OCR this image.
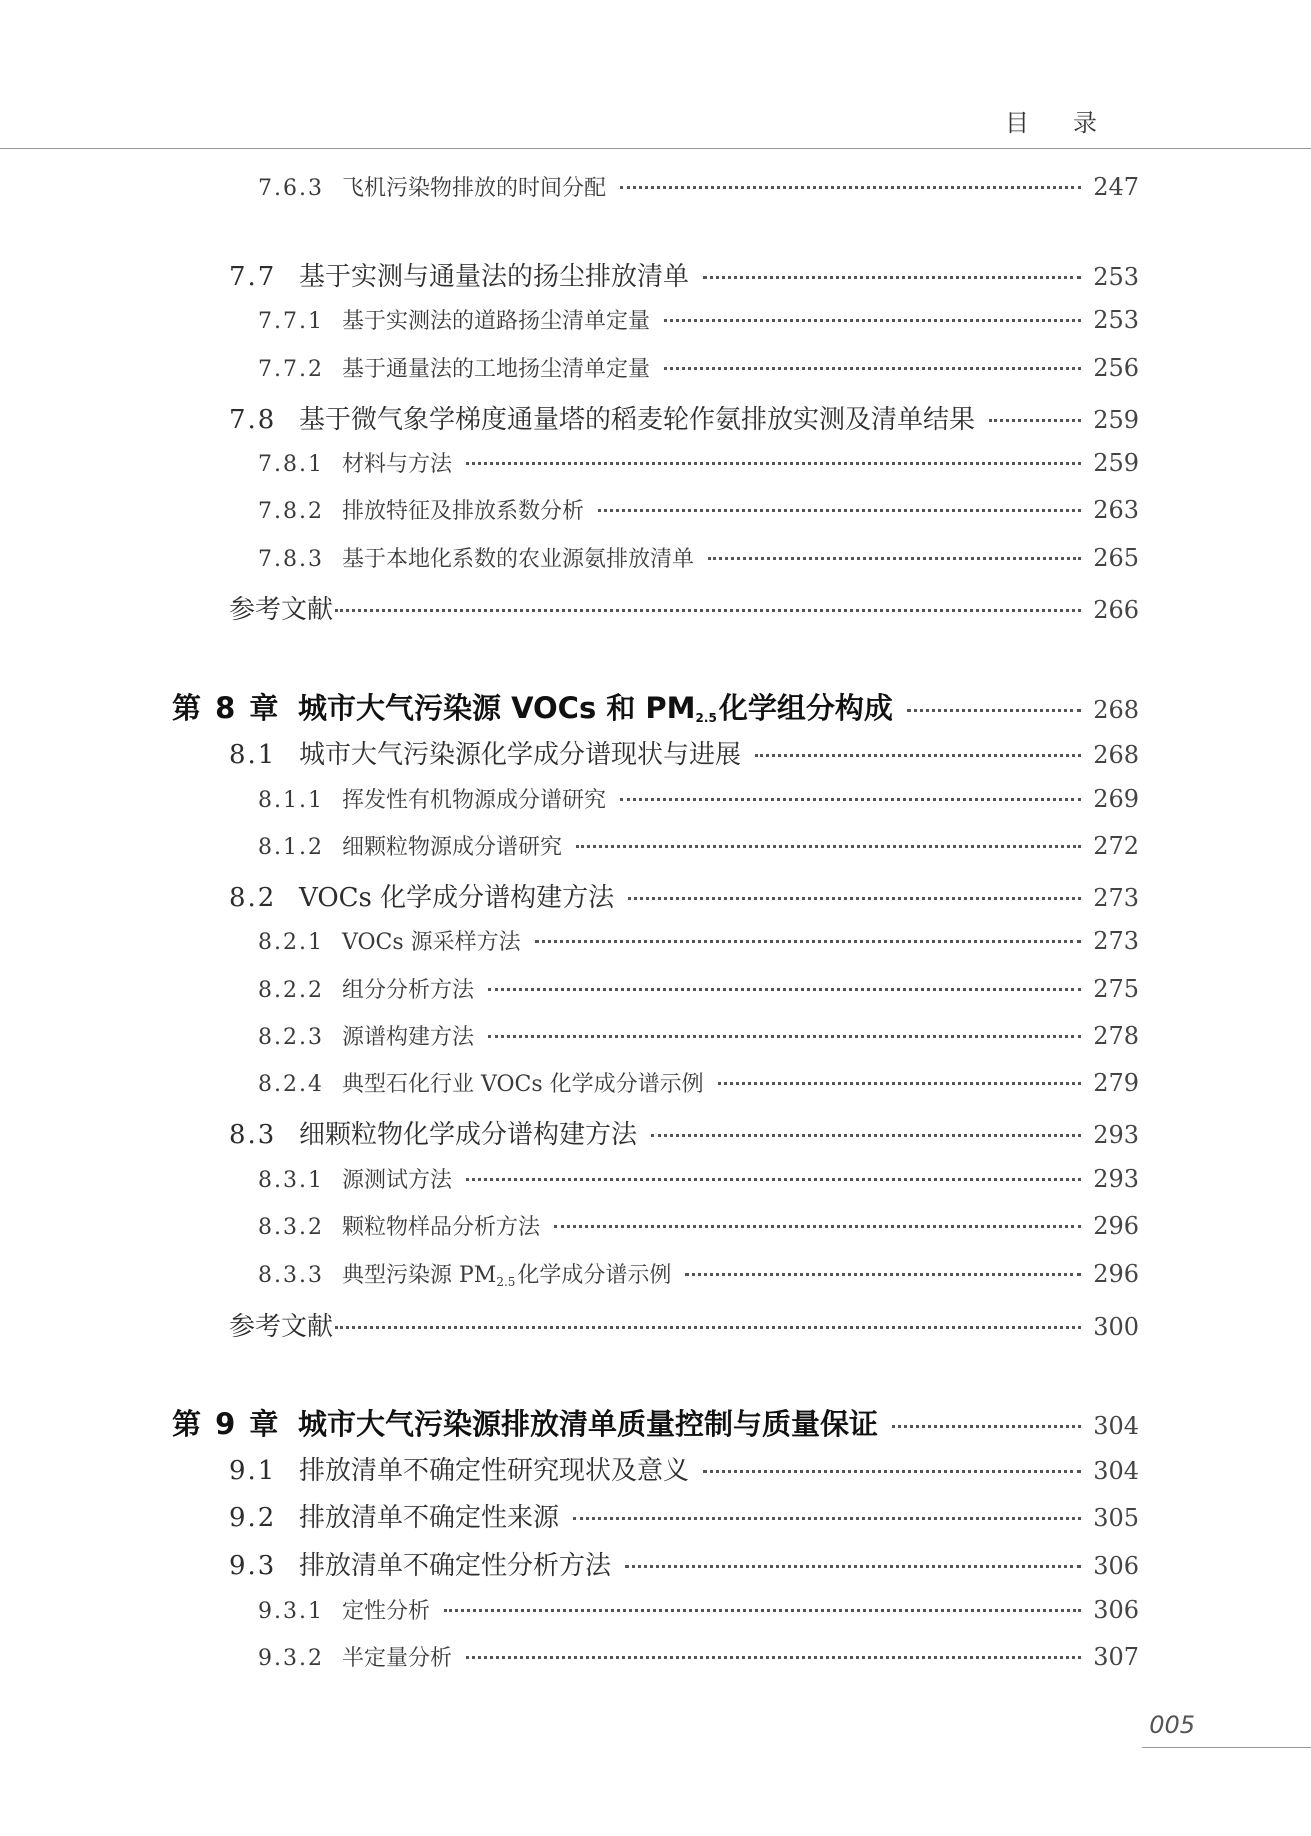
目录
7.6.3 飞机污染物排放的时间分配	247
7.7 基于实测与通量法的扬尘排放清单	253
7.7.1 基于实测法的道路扬尘清单定量	253
7.7.2 基于通量法的工地扬尘清单定量	256
7.8 基于微气象学梯度通量塔的稻麦轮作氨排放实测及清单结果	259
7.8.1 材料与方法	259
7.8.2 排放特征及排放系数分析	263
7.8.3 基于本地化系数的农业源氨排放清单	265
参考文献	266
第 8 章 城市大气污染源 VOCs 和 PM2.5化学组分构成	268
8.1 城市大气污染源化学成分谱现状与进展	268
8.1.1 挥发性有机物源成分谱研究	269
8.1.2 细颗粒物源成分谱研究	272
8.2 VOCs 化学成分谱构建方法	273
8.2.1 VOCs 源采样方法	273
8.2.2 组分分析方法	275
8.2.3 源谱构建方法	278
8.2.4 典型石化行业 VOCs 化学成分谱示例	279
8.3 细颗粒物化学成分谱构建方法	293
8.3.1 源测试方法	293
8.3.2 颗粒物样品分析方法	296
8.3.3 典型污染源 PM2.5化学成分谱示例	296
参考文献	300
第 9 章 城市大气污染源排放清单质量控制与质量保证	304
9.1 排放清单不确定性研究现状及意义	304
9.2 排放清单不确定性来源	305
9.3 排放清单不确定性分析方法	306
9.3.1 定性分析	306
9.3.2 半定量分析	307
005
